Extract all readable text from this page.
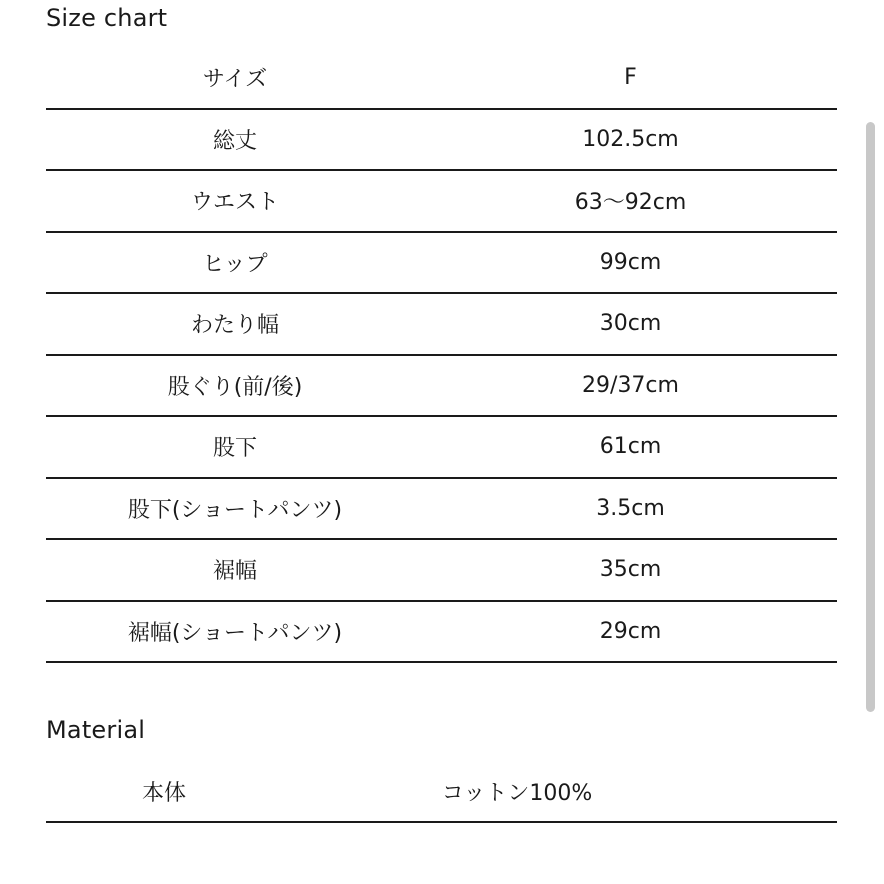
Size chart
サイズ	F
総丈	102.5cm
ウエスト	63〜92cm
ヒップ	99cm
わたり幅	30cm
股ぐり(前/後)	29/37cm
股下	61cm
股下(ショートパンツ)	3.5cm
裾幅	35cm
裾幅(ショートパンツ)	29cm
Material
本体	コットン100%
